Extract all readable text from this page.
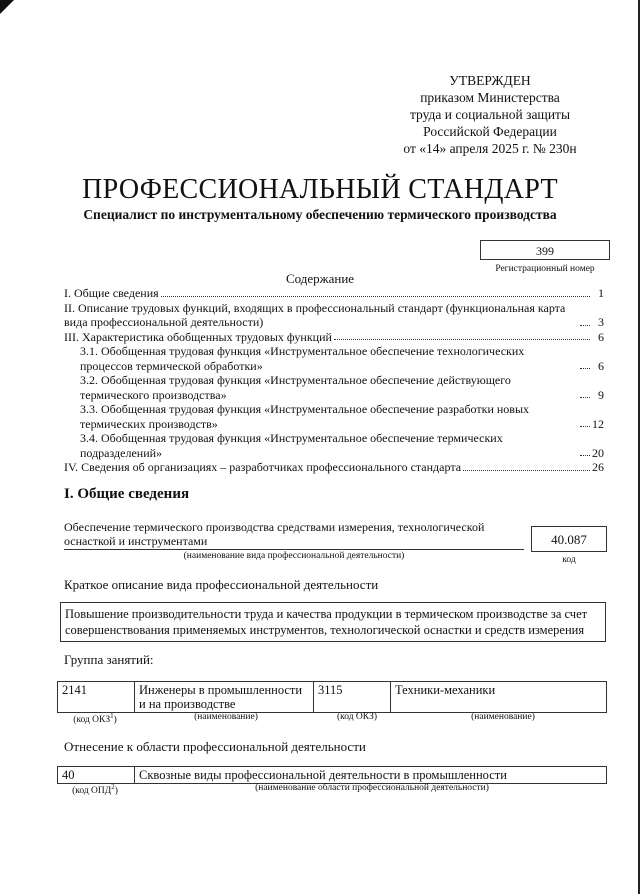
УТВЕРЖДЕН
приказом Министерства
труда и социальной защиты
Российской Федерации
от «14» апреля 2025 г. № 230н
ПРОФЕССИОНАЛЬНЫЙ СТАНДАРТ
Специалист по инструментальному обеспечению термического производства
399
Регистрационный номер
Содержание
I. Общие сведения	1
II. Описание трудовых функций, входящих в профессиональный стандарт (функциональная карта вида профессиональной деятельности)	3
III. Характеристика обобщенных трудовых функций	6
3.1. Обобщенная трудовая функция «Инструментальное обеспечение технологических процессов термической обработки»	6
3.2. Обобщенная трудовая функция «Инструментальное обеспечение действующего термического производства»	9
3.3. Обобщенная трудовая функция «Инструментальное обеспечение разработки новых термических производств»	12
3.4. Обобщенная трудовая функция «Инструментальное обеспечение термических подразделений»	20
IV. Сведения об организациях – разработчиках профессионального стандарта	26
I. Общие сведения
Обеспечение термического производства средствами измерения, технологической оснасткой и инструментами
(наименование вида профессиональной деятельности)
40.087
код
Краткое описание вида профессиональной деятельности
Повышение производительности труда и качества продукции в термическом производстве за счет совершенствования применяемых инструментов, технологической оснастки и средств измерения
Группа занятий:
2141	Инженеры в промышленности и на производстве	3115	Техники-механики
(код ОКЗ$^1$)	(наименование)	(код ОКЗ)	(наименование)
Отнесение к области профессиональной деятельности
40	Сквозные виды профессиональной деятельности в промышленности
(код ОПД$^2$)	(наименование области профессиональной деятельности)
